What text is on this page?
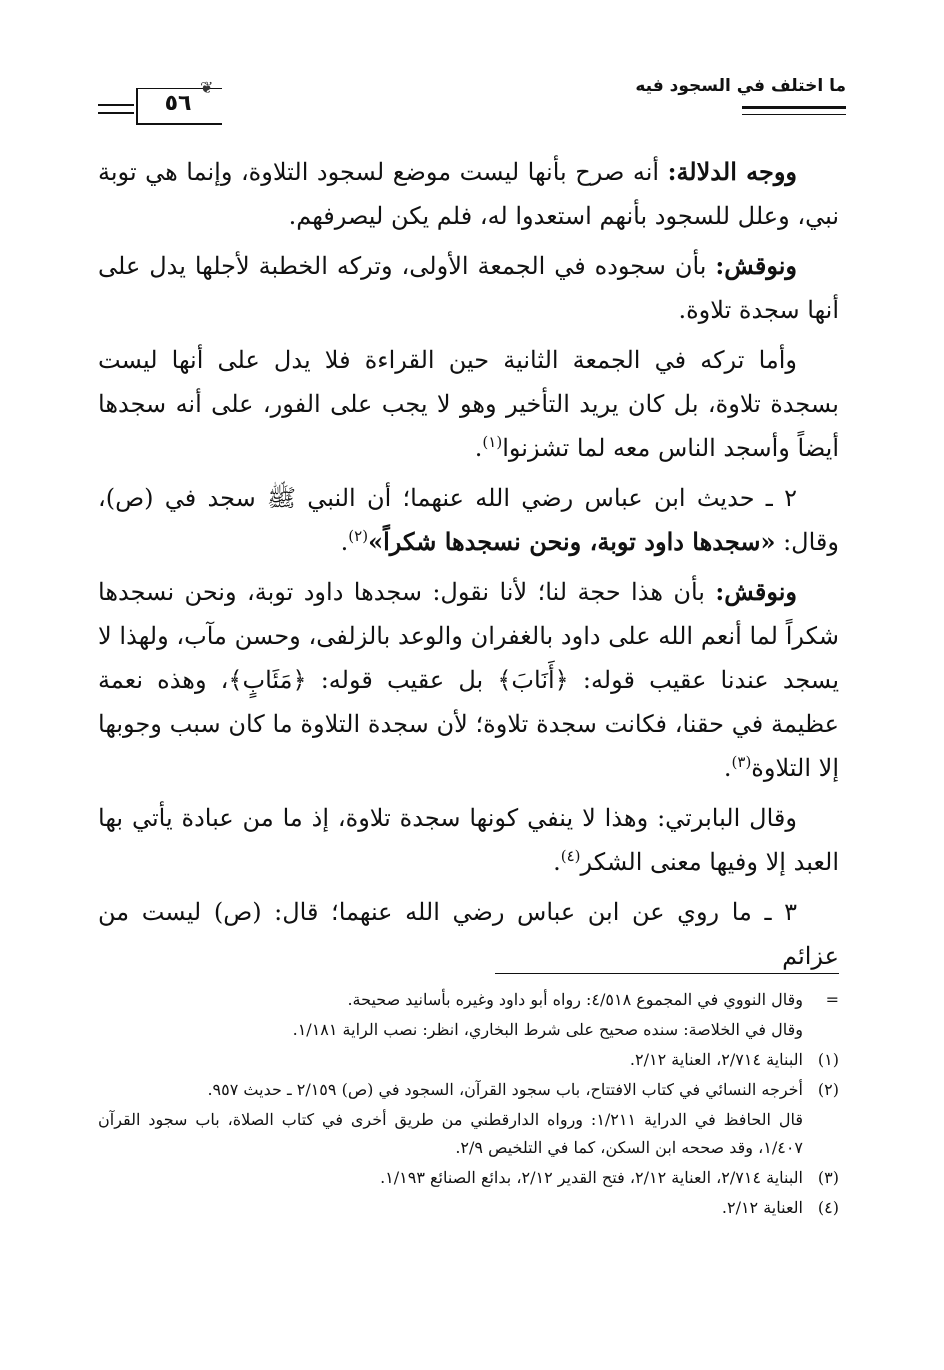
ما اختلف في السجود فيه
٥٦
❦

ووجه الدلالة: أنه صرح بأنها ليست موضع لسجود التلاوة، وإنما هي توبة نبي، وعلل للسجود بأنهم استعدوا له، فلم يكن ليصرفهم.

ونوقش: بأن سجوده في الجمعة الأولى، وتركه الخطبة لأجلها يدل على أنها سجدة تلاوة.

وأما تركه في الجمعة الثانية حين القراءة فلا يدل على أنها ليست بسجدة تلاوة، بل كان يريد التأخير وهو لا يجب على الفور، على أنه سجدها أيضاً وأسجد الناس معه لما تشزنوا$^{(١)}$.

٢ ـ حديث ابن عباس رضي الله عنهما؛ أن النبي ﷺ سجد في (ص)، وقال: «سجدها داود توبة، ونحن نسجدها شكراً»$^{(٢)}$.

ونوقش: بأن هذا حجة لنا؛ لأنا نقول: سجدها داود توبة، ونحن نسجدها شكراً لما أنعم الله على داود بالغفران والوعد بالزلفى، وحسن مآب، ولهذا لا يسجد عندنا عقيب قوله: ﴿أَنَابَ﴾ بل عقيب قوله: ﴿مَئَابٍ﴾، وهذه نعمة عظيمة في حقنا، فكانت سجدة تلاوة؛ لأن سجدة التلاوة ما كان سبب وجوبها إلا التلاوة$^{(٣)}$.

وقال البابرتي: وهذا لا ينفي كونها سجدة تلاوة، إذ ما من عبادة يأتي بها العبد إلا وفيها معنى الشكر$^{(٤)}$.

٣ ـ ما روي عن ابن عباس رضي الله عنهما؛ قال: (ص) ليست من عزائم

=
وقال النووي في المجموع ٤/٥١٨: رواه أبو داود وغيره بأسانيد صحيحة.
وقال في الخلاصة: سنده صحيح على شرط البخاري، انظر: نصب الراية ١/١٨١.
(١)
البناية ٢/٧١٤، العناية ٢/١٢.
(٢)
أخرجه النسائي في كتاب الافتتاح، باب سجود القرآن، السجود في (ص) ٢/١٥٩ ـ حديث ٩٥٧.
قال الحافظ في الدراية ١/٢١١: ورواه الدارقطني من طريق أخرى في كتاب الصلاة، باب سجود القرآن ١/٤٠٧، وقد صححه ابن السكن، كما في التلخيص ٢/٩.
(٣)
البناية ٢/٧١٤، العناية ٢/١٢، فتح القدير ٢/١٢، بدائع الصنائع ١/١٩٣.
(٤)
العناية ٢/١٢.
